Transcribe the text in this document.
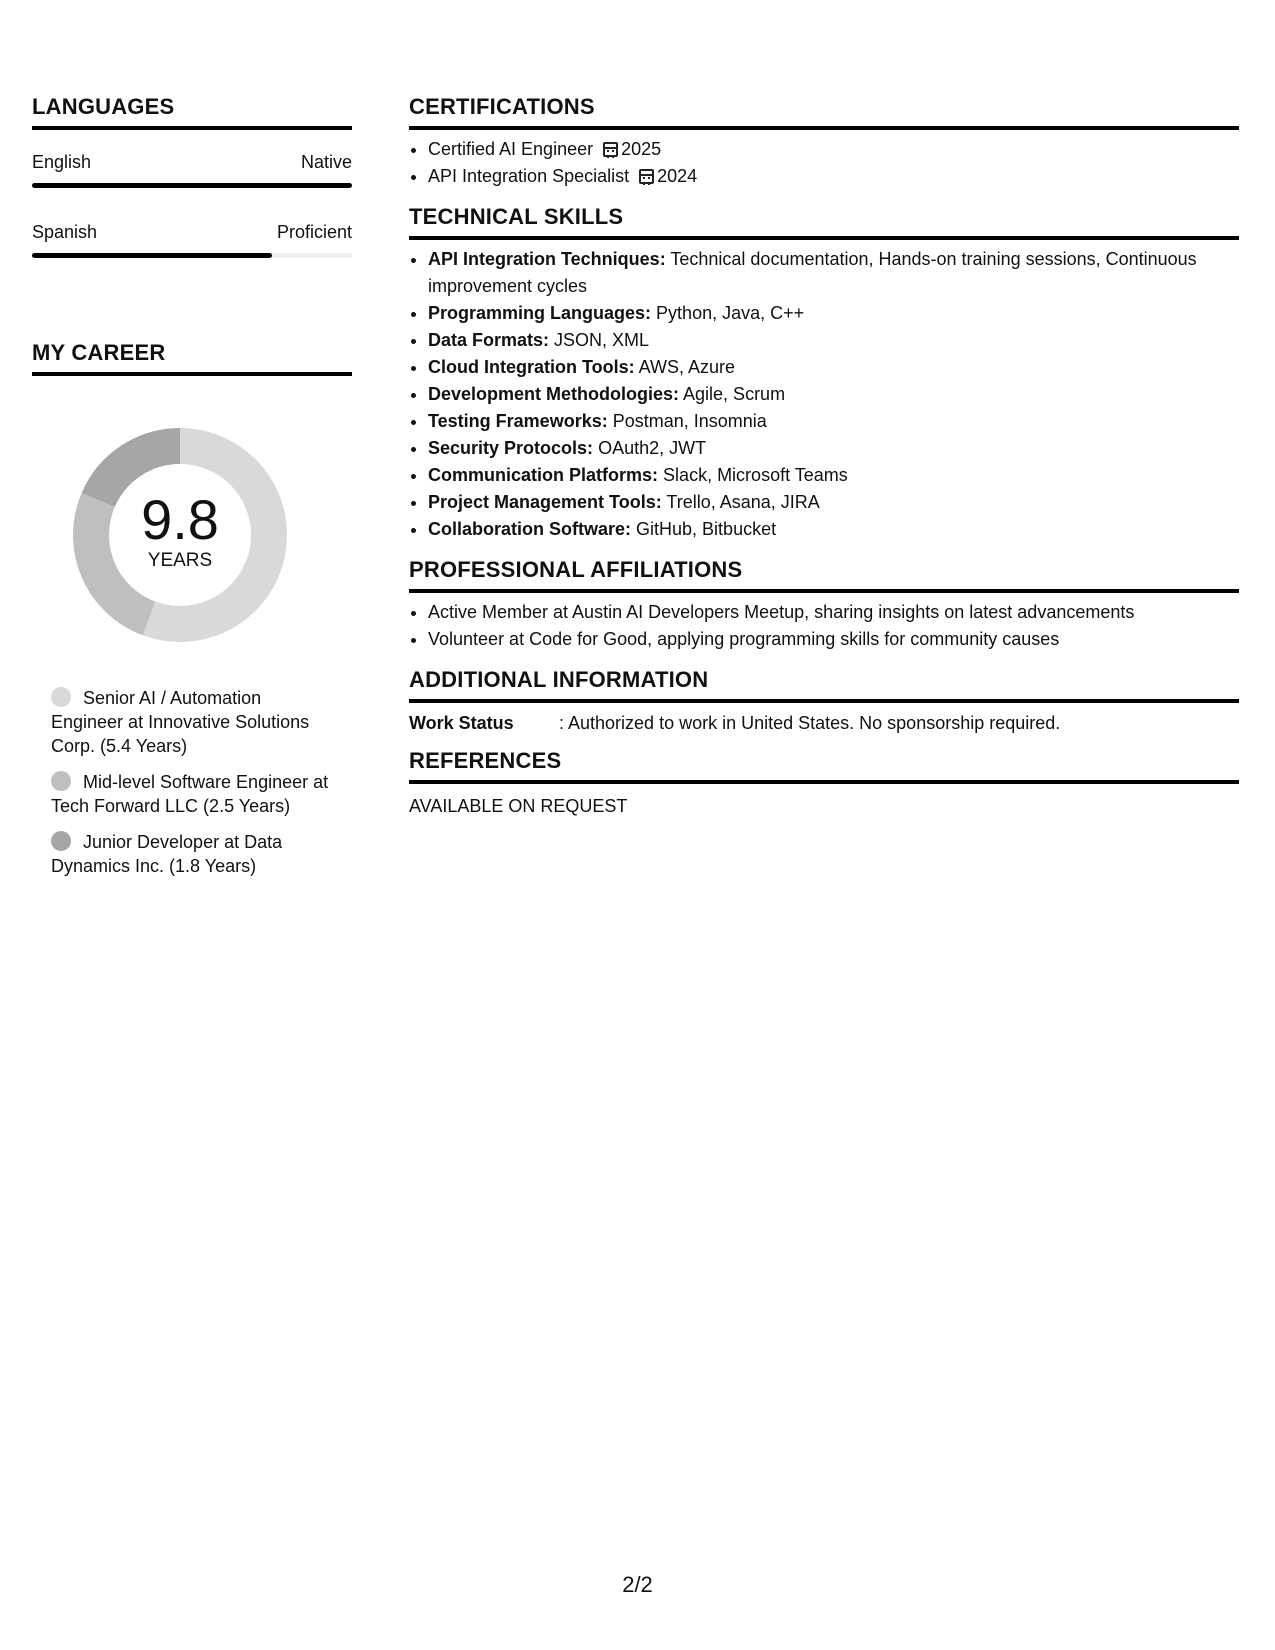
LANGUAGES
English	Native
Spanish	Proficient
MY CAREER
9.8
YEARS
Senior AI / Automation Engineer at Innovative Solutions Corp. (5.4 Years)
Mid-level Software Engineer at Tech Forward LLC (2.5 Years)
Junior Developer at Data Dynamics Inc. (1.8 Years)
CERTIFICATIONS
• Certified AI Engineer 2025
• API Integration Specialist 2024
TECHNICAL SKILLS
• API Integration Techniques: Technical documentation, Hands-on training sessions, Continuous improvement cycles
• Programming Languages: Python, Java, C++
• Data Formats: JSON, XML
• Cloud Integration Tools: AWS, Azure
• Development Methodologies: Agile, Scrum
• Testing Frameworks: Postman, Insomnia
• Security Protocols: OAuth2, JWT
• Communication Platforms: Slack, Microsoft Teams
• Project Management Tools: Trello, Asana, JIRA
• Collaboration Software: GitHub, Bitbucket
PROFESSIONAL AFFILIATIONS
• Active Member at Austin AI Developers Meetup, sharing insights on latest advancements
• Volunteer at Code for Good, applying programming skills for community causes
ADDITIONAL INFORMATION
Work Status	: Authorized to work in United States. No sponsorship required.
REFERENCES
AVAILABLE ON REQUEST
2/2
